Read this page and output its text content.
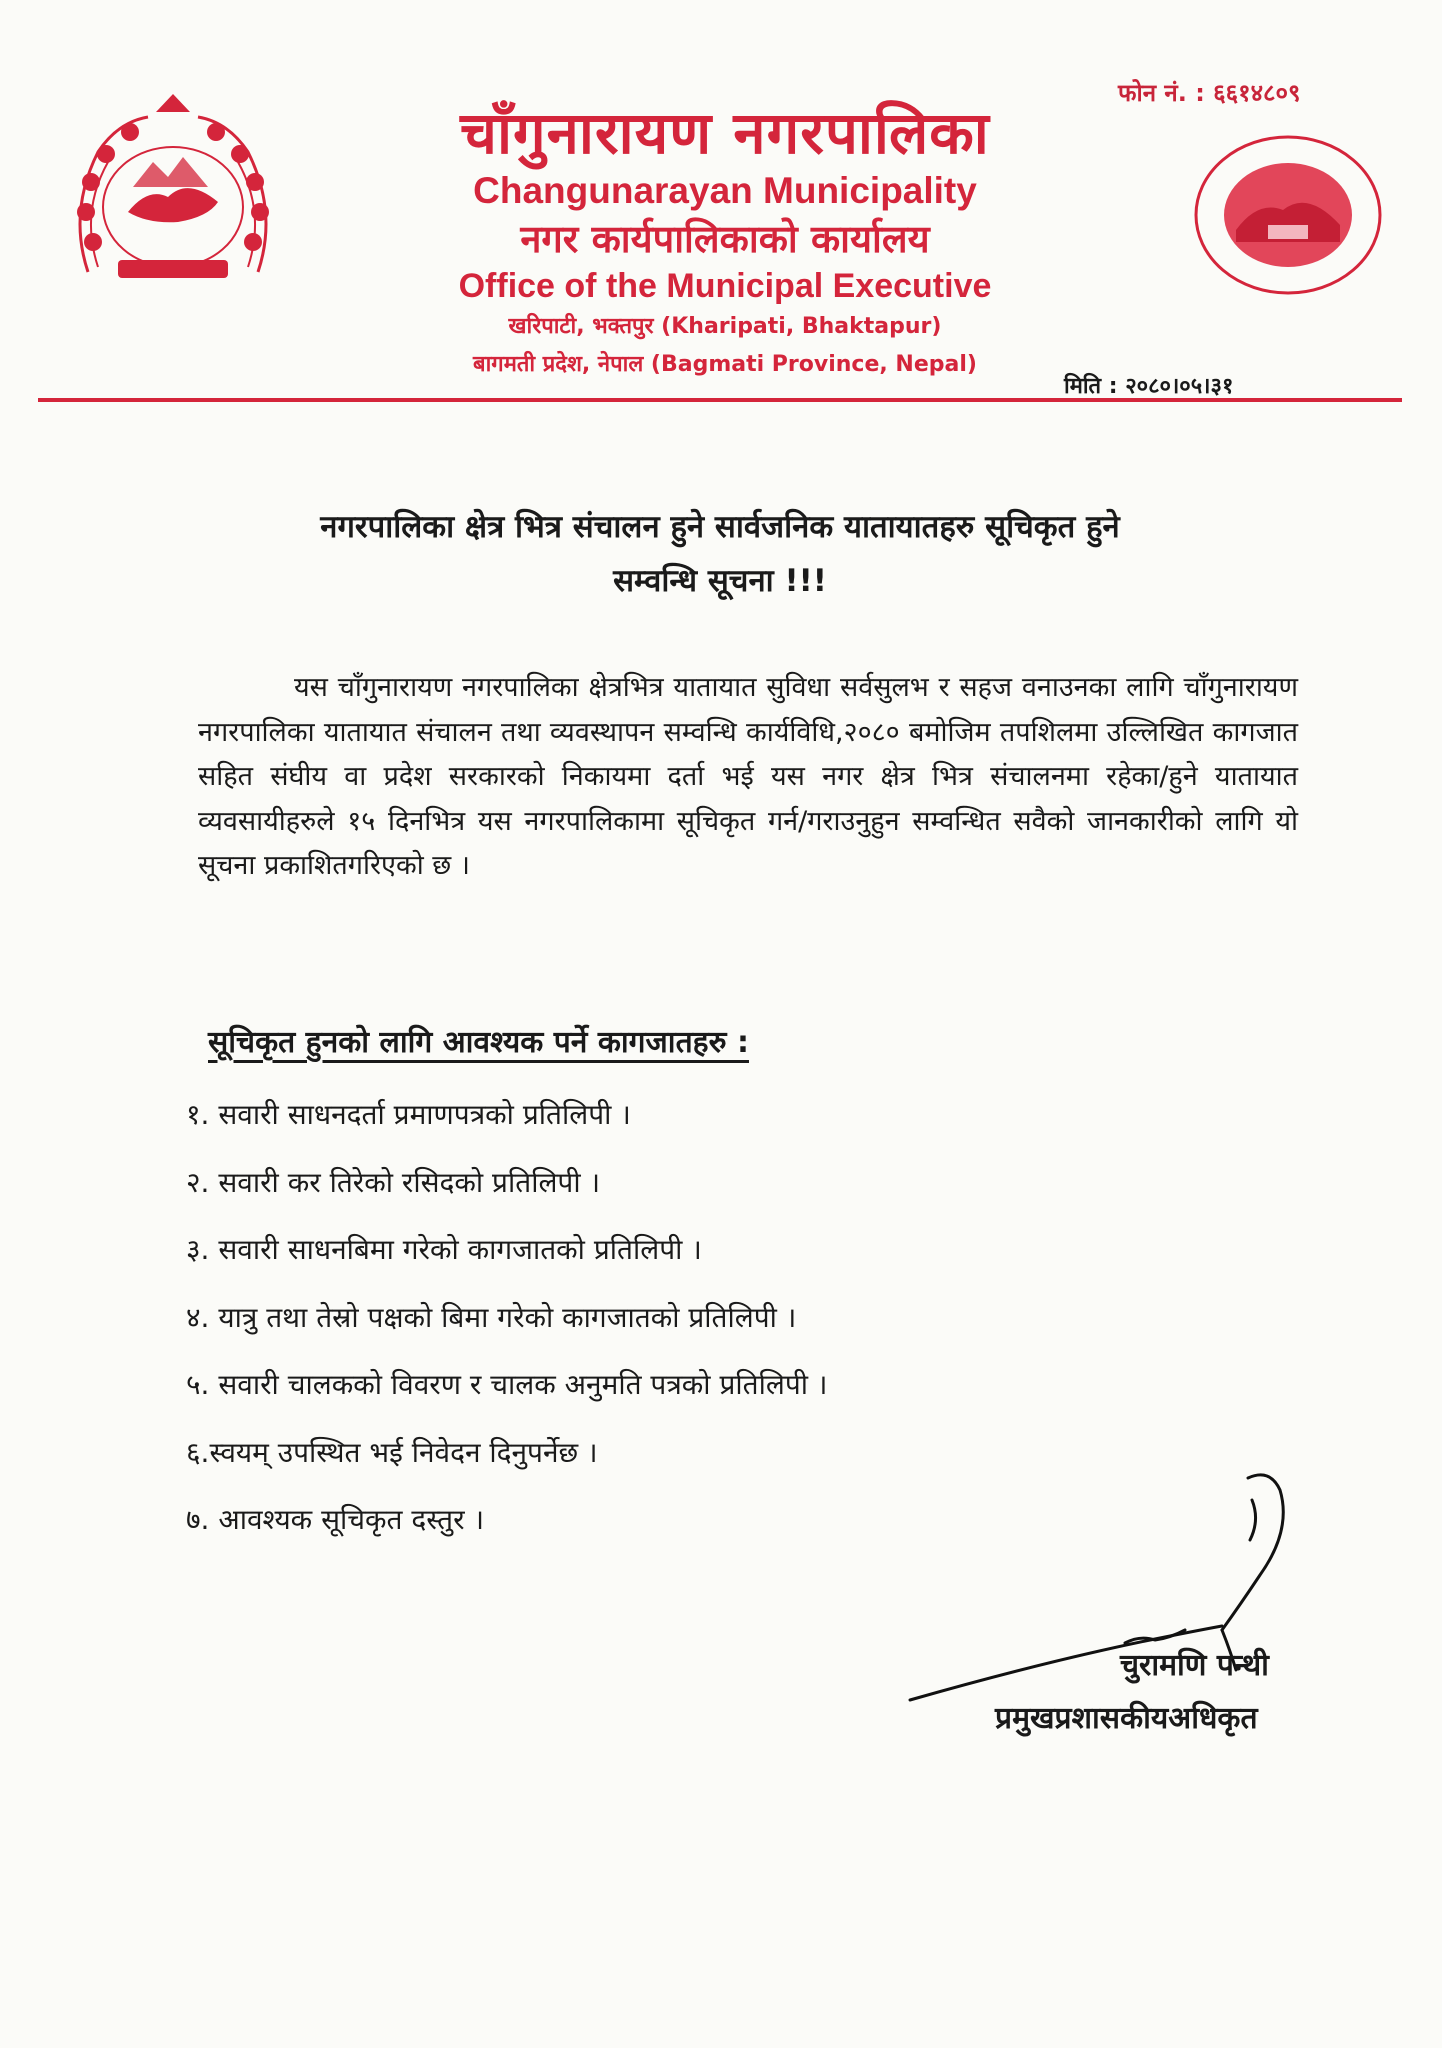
फोन नं. : ६६१४८०९
चाँगुनारायण नगरपालिका
Changunarayan Municipality
नगर कार्यपालिकाको कार्यालय
Office of the Municipal Executive
खरिपाटी, भक्तपुर (Kharipati, Bhaktapur)
बागमती प्रदेश, नेपाल (Bagmati Province, Nepal)
मिति : २०८०।०५।३१
नगरपालिका क्षेत्र भित्र संचालन हुने सार्वजनिक यातायातहरु सूचिकृत हुने
सम्वन्धि सूचना !!!
यस चाँगुनारायण नगरपालिका क्षेत्रभित्र यातायात सुविधा सर्वसुलभ र सहज वनाउनका लागि चाँगुनारायण नगरपालिका यातायात संचालन तथा व्यवस्थापन सम्वन्धि कार्यविधि,२०८० बमोजिम तपशिलमा उल्लिखित कागजात सहित संघीय वा प्रदेश सरकारको निकायमा दर्ता भई यस नगर क्षेत्र भित्र संचालनमा रहेका/हुने यातायात व्यवसायीहरुले १५ दिनभित्र यस नगरपालिकामा सूचिकृत गर्न/गराउनुहुन सम्वन्धित सवैको जानकारीको लागि यो सूचना प्रकाशितगरिएको छ ।
सूचिकृत हुनको लागि आवश्यक पर्ने कागजातहरु :
१. सवारी साधनदर्ता प्रमाणपत्रको प्रतिलिपी ।
२. सवारी कर तिरेको रसिदको प्रतिलिपी ।
३. सवारी साधनबिमा गरेको कागजातको प्रतिलिपी ।
४. यात्रु तथा तेस्रो पक्षको बिमा गरेको कागजातको प्रतिलिपी ।
५. सवारी चालकको विवरण र चालक अनुमति पत्रको प्रतिलिपी ।
६.स्वयम् उपस्थित भई निवेदन दिनुपर्नेछ ।
७. आवश्यक सूचिकृत दस्तुर ।
चुरामणि पन्थी
प्रमुखप्रशासकीयअधिकृत
